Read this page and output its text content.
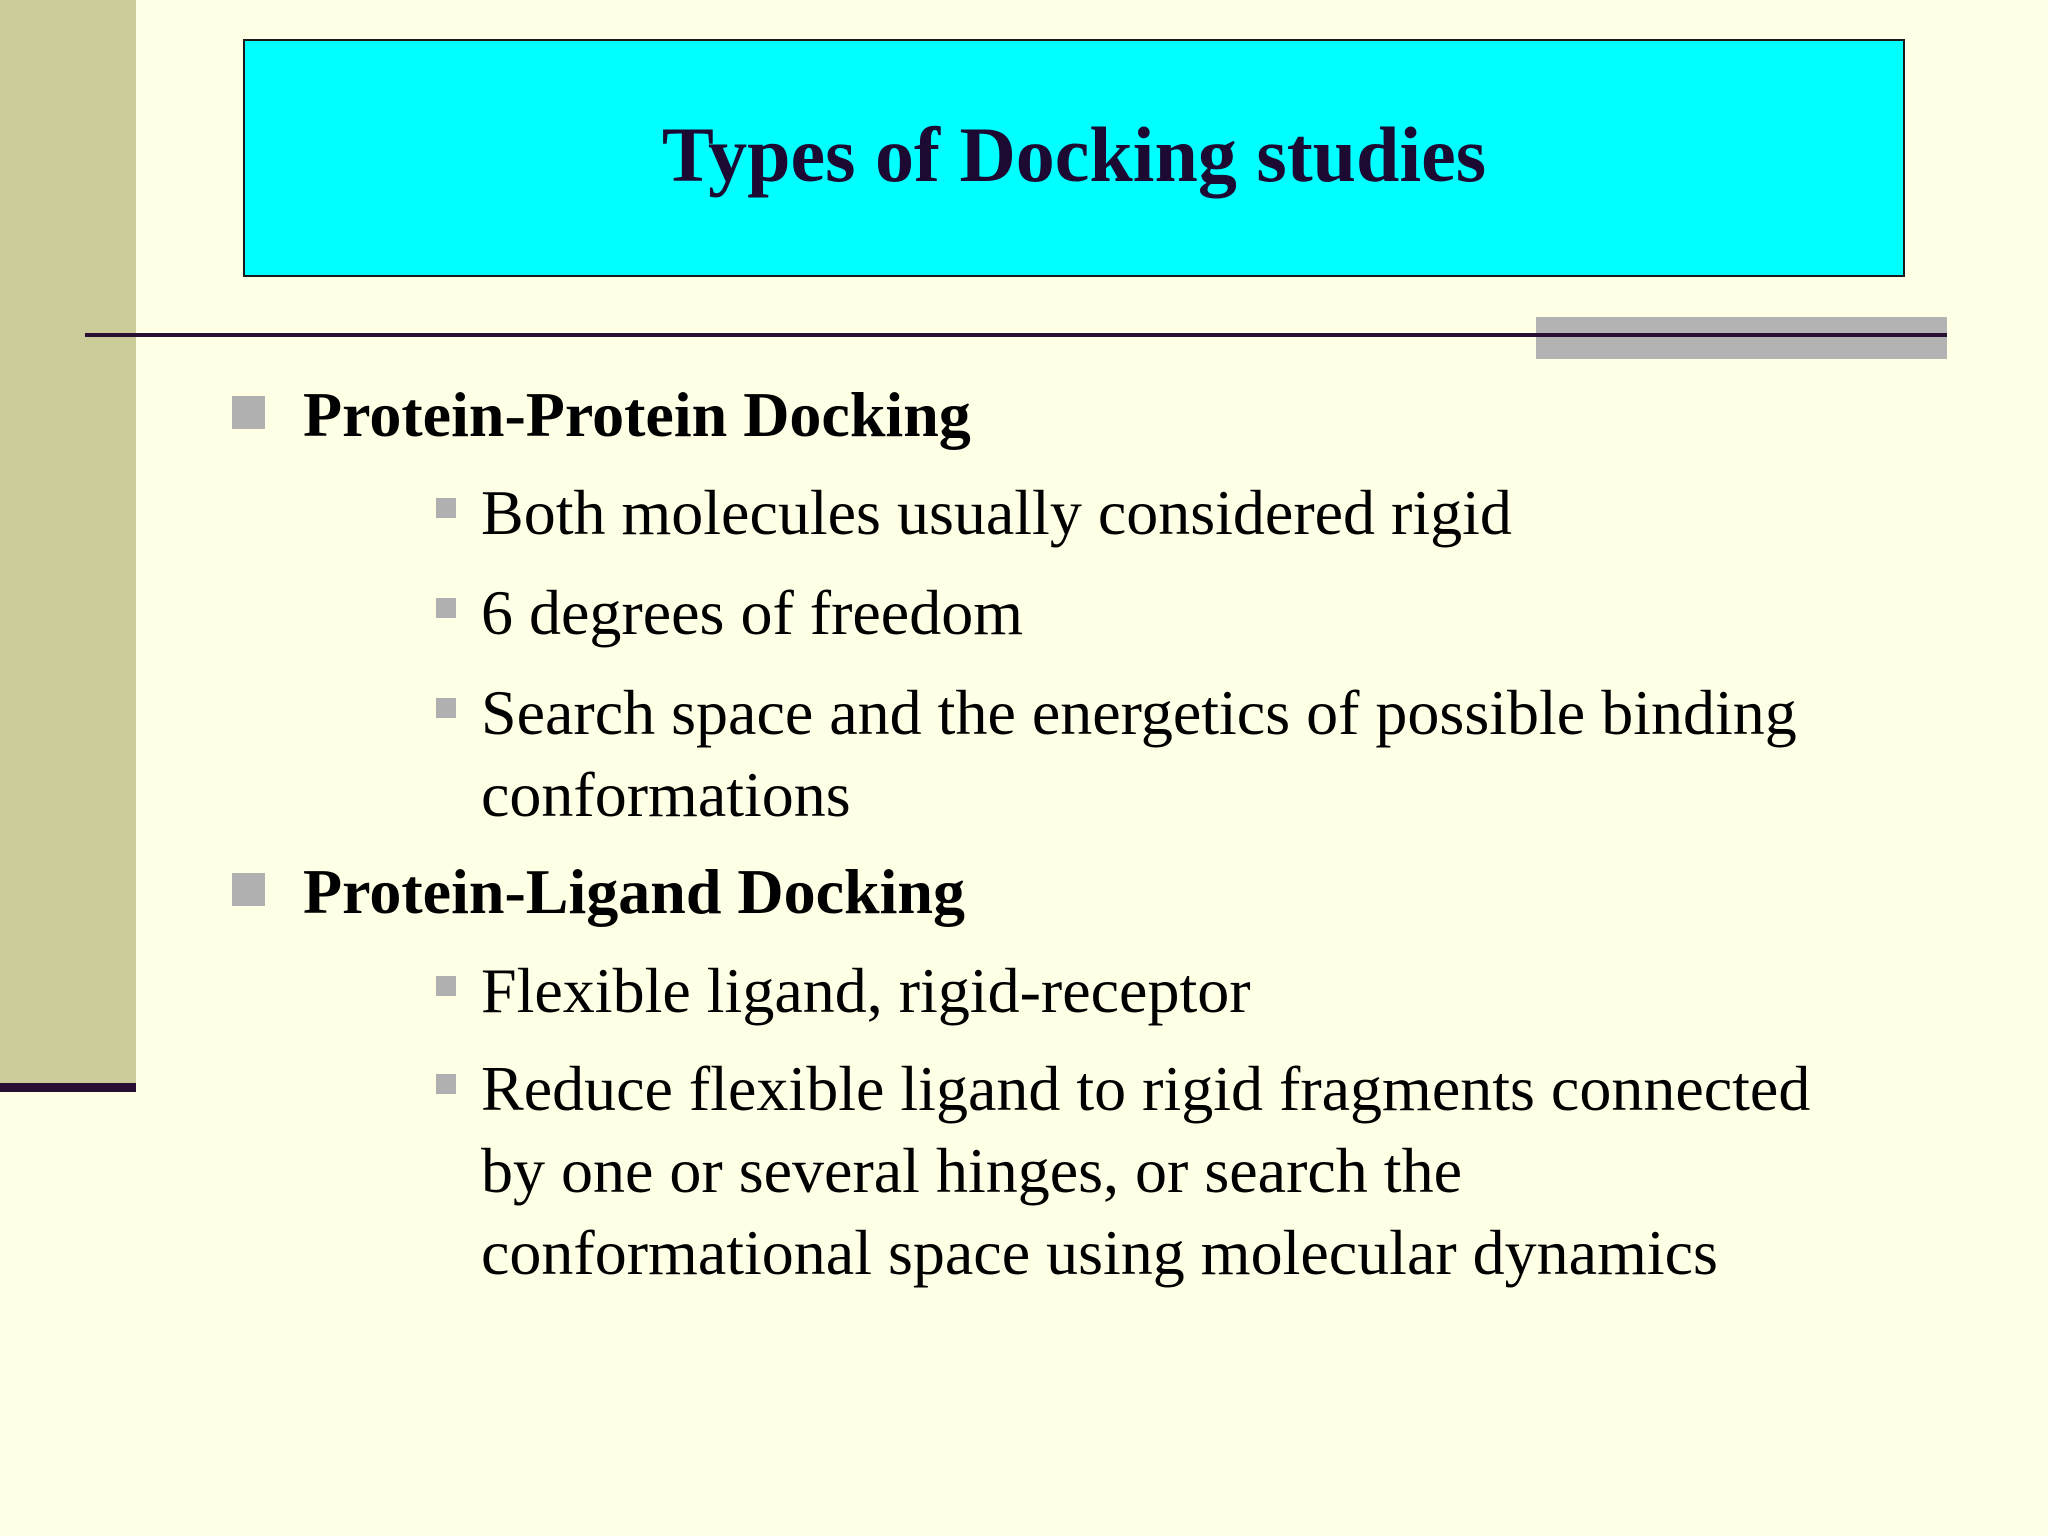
Types of Docking studies
Protein-Protein Docking
Both molecules usually considered rigid
6 degrees of freedom
Search space and the energetics of possible binding
conformations
Protein-Ligand Docking
Flexible ligand, rigid-receptor
Reduce flexible ligand to rigid fragments connected
by one or several hinges, or search the
conformational space using molecular dynamics
